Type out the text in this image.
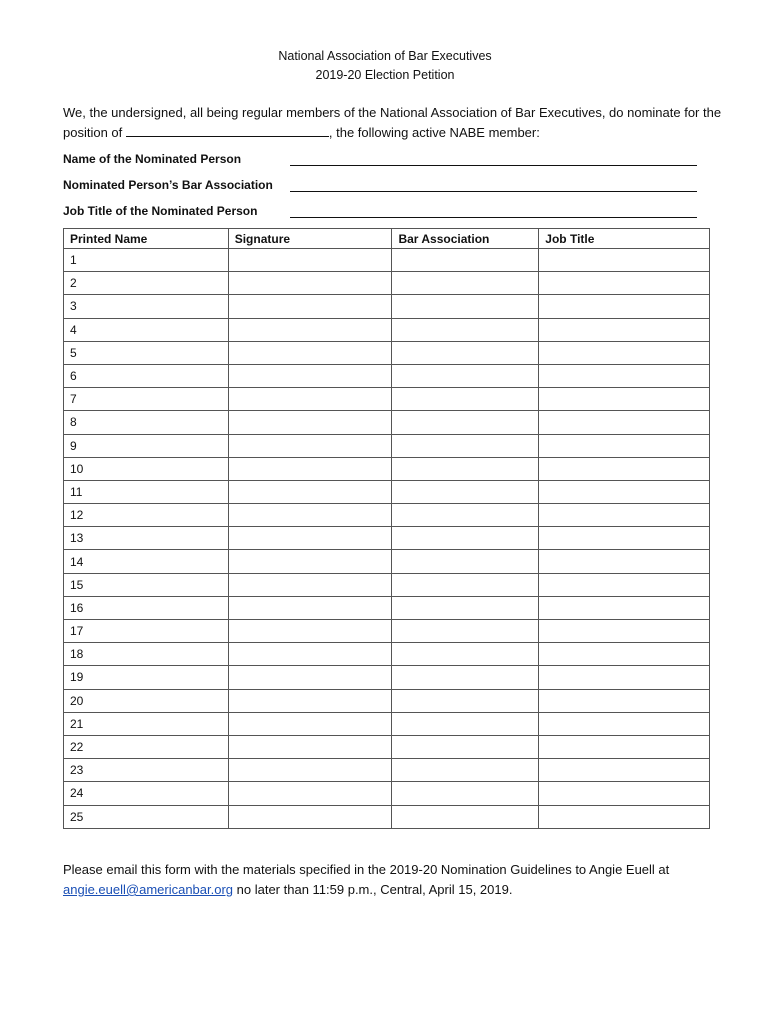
National Association of Bar Executives
2019-20 Election Petition
We, the undersigned, all being regular members of the National Association of Bar Executives, do nominate for the position of	, the following active NABE member:
Name of the Nominated Person
Nominated Person’s Bar Association
Job Title of the Nominated Person
Printed Name	Signature	Bar Association	Job Title
1			
2			
3			
4			
5			
6			
7			
8			
9			
10			
11			
12			
13			
14			
15			
16			
17			
18			
19			
20			
21			
22			
23			
24			
25			
Please email this form with the materials specified in the 2019-20 Nomination Guidelines to Angie Euell at angie.euell@americanbar.org no later than 11:59 p.m., Central, April 15, 2019.
